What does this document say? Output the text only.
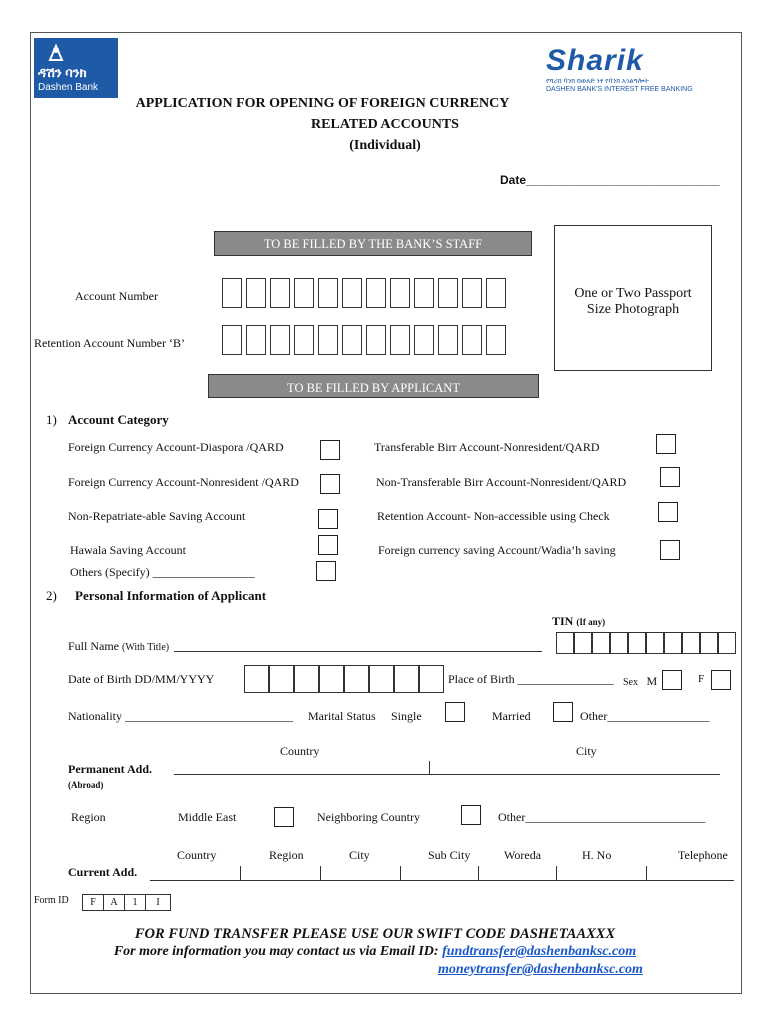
ዳሽን ባንክ
Dashen Bank
Sharik
የሻሪክ ባንክ ከወለድ ነፃ የባንክ አገልግሎት
DASHEN BANK'S INTEREST FREE BANKING
APPLICATION FOR OPENING OF FOREIGN CURRENCY
RELATED ACCOUNTS
(Individual)
Date_____________________________
TO BE FILLED BY THE BANK’S STAFF
One or Two Passport
Size Photograph
Account Number
Retention Account Number ‘B’
TO BE FILLED BY APPLICANT
1) Account Category
Foreign Currency Account-Diaspora /QARD	Transferable Birr Account-Nonresident/QARD
Foreign Currency Account-Nonresident /QARD	Non-Transferable Birr Account-Nonresident/QARD
Non-Repatriate-able Saving Account	Retention Account- Non-accessible using Check
Hawala Saving Account	Foreign currency saving Account/Wadia’h saving
Others (Specify) _________________
2) Personal Information of Applicant
TIN (If any)
Full Name (With Title)
Date of Birth DD/MM/YYYY	Place of Birth ________________ Sex M	F
Nationality ____________________________ Marital Status Single	Married	Other_________________
Country	City
Permanent Add.
(Abroad)
Region	Middle East	Neighboring Country	Other______________________________
Country	Region	City	Sub City	Woreda	H. No	Telephone
Current Add.
Form ID	F	A	1	I
FOR FUND TRANSFER PLEASE USE OUR SWIFT CODE DASHETAAXXX
For more information you may contact us via Email ID: fundtransfer@dashenbanksc.com
moneytransfer@dashenbanksc.com
